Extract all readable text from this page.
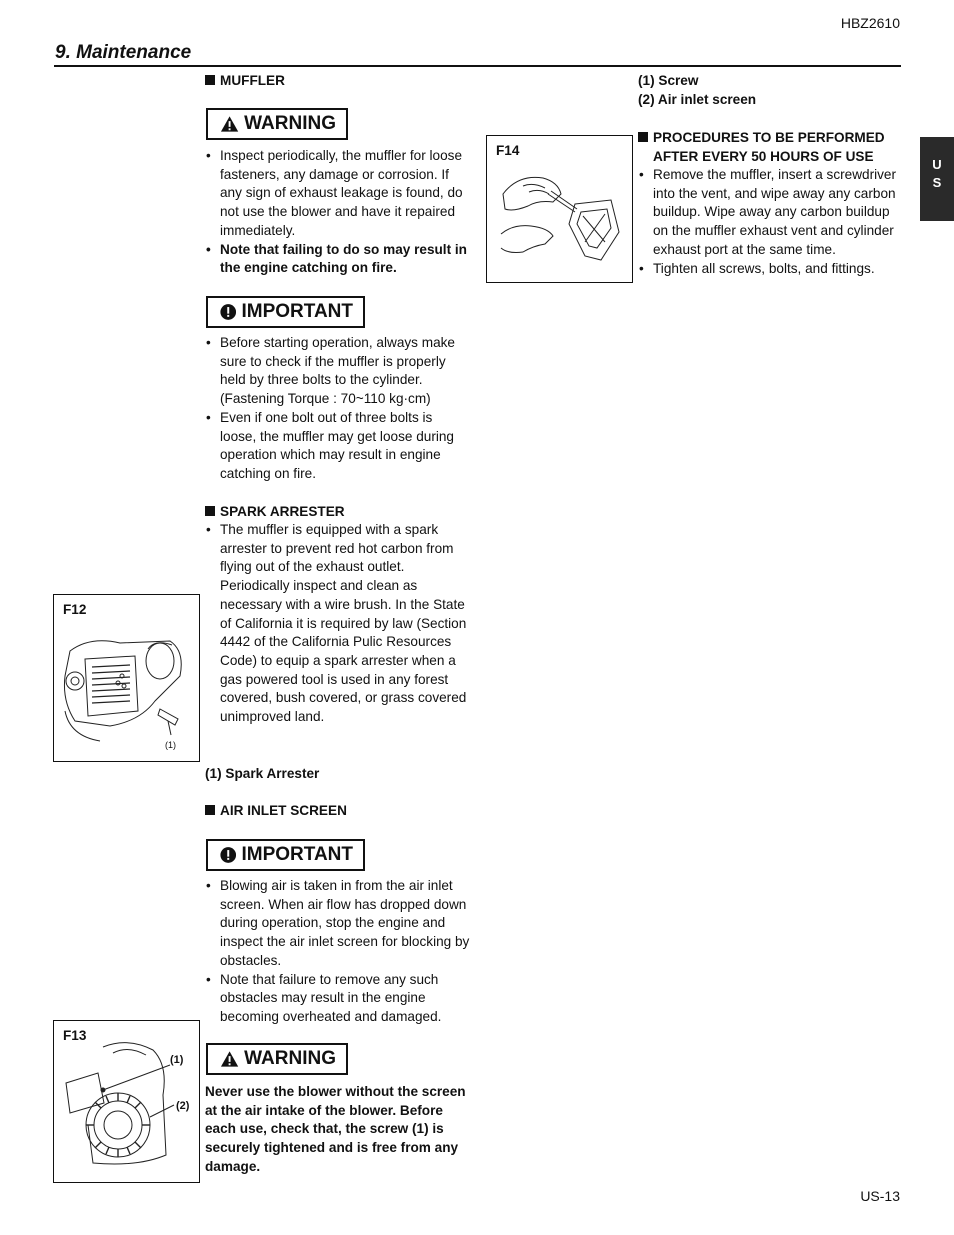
HBZ2610
9. Maintenance
U
S
MUFFLER
WARNING
• Inspect periodically, the muffler for loose fasteners, any damage or corrosion. If any sign of exhaust leakage is found, do not use the blower and have it repaired immediately.
• Note that failing to do so may result in the engine catching on fire.
IMPORTANT
• Before starting operation, always make sure to check if the muffler is properly held by three bolts to the cylinder. (Fastening Torque : 70~110 kg·cm)
• Even if one bolt out of three bolts is loose, the muffler may get loose during operation which may result in engine catching on fire.
SPARK ARRESTER
• The muffler is equipped with a spark arrester to prevent red hot carbon from flying out of the exhaust outlet. Periodically inspect and clean as necessary with a wire brush. In the State of California it is required by law (Section 4442 of the California Pulic Resources Code) to equip a spark arrester when a gas powered tool is used in any forest covered, bush covered, or grass covered unimproved land.
(1) Spark Arrester
AIR INLET SCREEN
IMPORTANT
• Blowing air is taken in from the air inlet screen. When air flow has dropped down during operation, stop the engine and inspect the air inlet screen for blocking by obstacles.
• Note that failure to remove any such obstacles may result in the engine becoming overheated and damaged.
WARNING
Never use the blower without the screen at the air intake of the blower. Before each use, check that, the screw (1) is securely tightened and is free from any damage.
(1) Screw
(2) Air inlet screen
PROCEDURES TO BE PERFORMED
AFTER EVERY 50 HOURS OF USE
• Remove the muffler, insert a screwdriver into the vent, and wipe away any carbon buildup. Wipe away any carbon buildup on the muffler exhaust vent and cylinder exhaust port at the same time.
• Tighten all screws, bolts, and fittings.
F12
(1)
F13
(1)
(2)
F14
US-13
